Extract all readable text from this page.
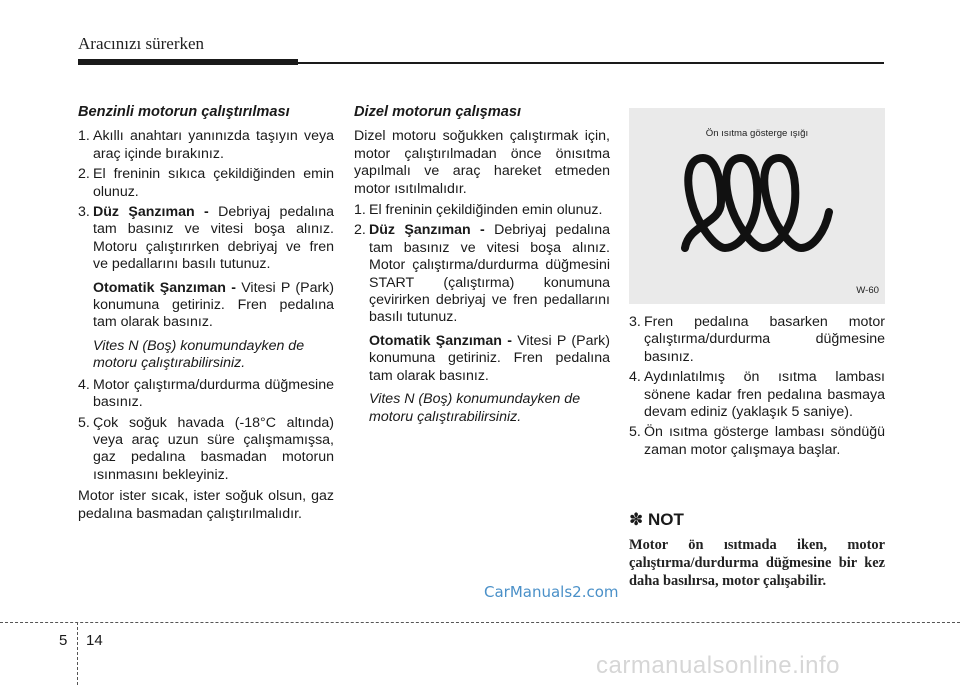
Aracınızı sürerken
Benzinli motorun çalıştırılması
1. Akıllı anahtarı yanınızda taşıyın veya araç içinde bırakınız.
2. El freninin sıkıca çekildiğinden emin olunuz.
3. Düz Şanzıman - Debriyaj pedalına tam basınız ve vitesi boşa alınız. Motoru çalıştırırken debriyaj ve fren ve pedallarını basılı tutunuz.
Otomatik Şanzıman - Vitesi P (Park) konumuna getiriniz. Fren pedalına tam olarak basınız.
Vites N (Boş) konumundayken de motoru çalıştırabilirsiniz.
4. Motor çalıştırma/durdurma düğmesine basınız.
5. Çok soğuk havada (-18°C altında) veya araç uzun süre çalışmamışsa, gaz pedalına basmadan motorun ısınmasını bekleyiniz.
Motor ister sıcak, ister soğuk olsun, gaz pedalına basmadan çalıştırılmalıdır.
Dizel motorun çalışması
Dizel motoru soğukken çalıştırmak için, motor çalıştırılmadan önce önısıtma yapılmalı ve araç hareket etmeden motor ısıtılmalıdır.
1. El freninin çekildiğinden emin olunuz.
2. Düz Şanzıman - Debriyaj pedalına tam basınız ve vitesi boşa alınız. Motor çalıştırma/durdurma düğmesini START (çalıştırma) konumuna çevirirken debriyaj ve fren pedallarını basılı tutunuz.
Otomatik Şanzıman - Vitesi P (Park) konumuna getiriniz. Fren pedalına tam olarak basınız.
Vites N (Boş) konumundayken de motoru çalıştırabilirsiniz.
Ön ısıtma gösterge ışığı
W-60
3. Fren pedalına basarken motor çalıştırma/durdurma düğmesine basınız.
4. Aydınlatılmış ön ısıtma lambası sönene kadar fren pedalına basmaya devam ediniz (yaklaşık 5 saniye).
5. Ön ısıtma gösterge lambası söndüğü zaman motor çalışmaya başlar.
✽ NOT
Motor ön ısıtmada iken, motor çalıştırma/durdurma düğmesine bir kez daha basılırsa, motor çalışabilir.
CarManuals2.com
5 14
carmanualsonline.info
